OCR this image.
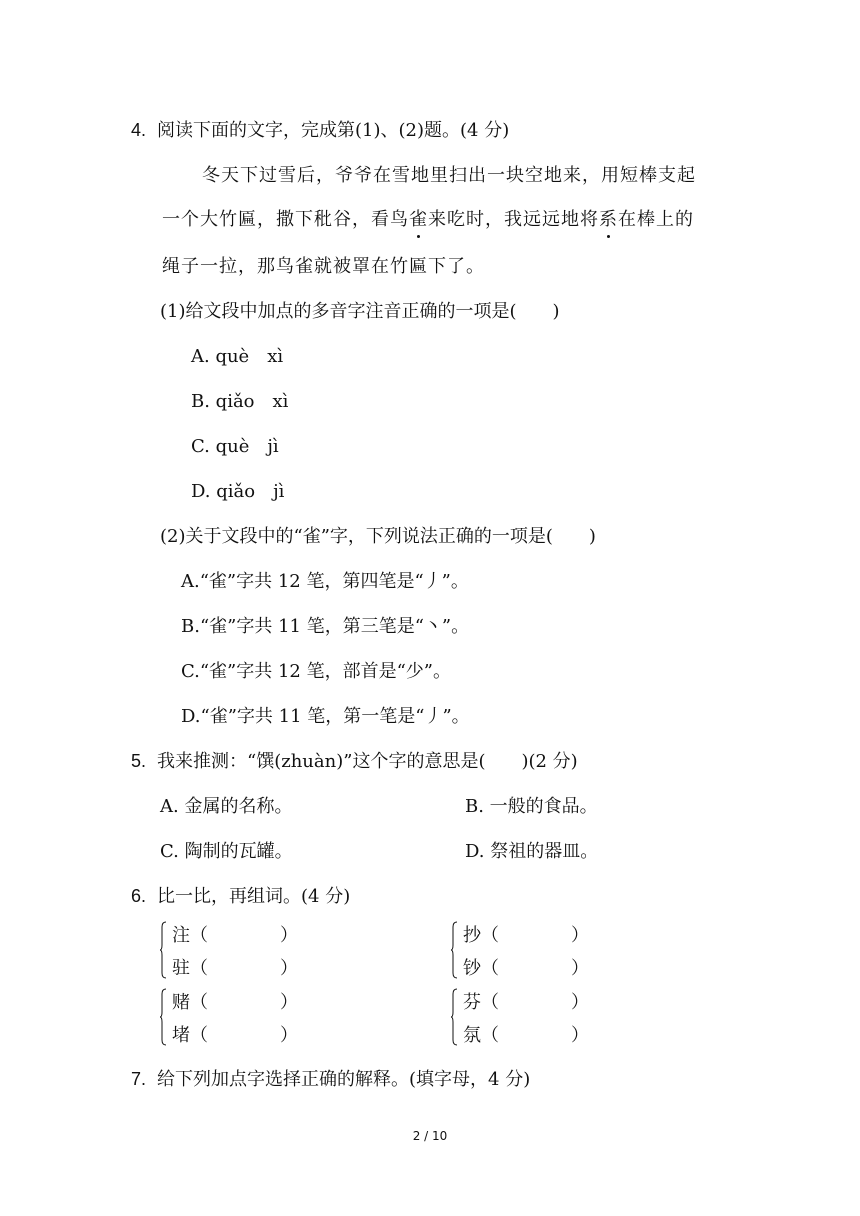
4. 阅读下面的文字，完成第(1)、(2)题。(4 分)
冬天下过雪后，爷爷在雪地里扫出一块空地来，用短棒支起
一个大竹匾，撒下秕谷，看鸟雀来吃时，我远远地将系在棒上的
绳子一拉，那鸟雀就被罩在竹匾下了。
(1)给文段中加点的多音字注音正确的一项是(　　)
A. què　xì
B. qiǎo　xì
C. què　jì
D. qiǎo　jì
(2)关于文段中的“雀”字，下列说法正确的一项是(　　)
A.“雀”字共 12 笔，第四笔是“丿”。
B.“雀”字共 11 笔，第三笔是“丶”。
C.“雀”字共 12 笔，部首是“少”。
D.“雀”字共 11 笔，第一笔是“丿”。
5. 我来推测：“馔(zhuàn)”这个字的意思是(　　)(2 分)
A. 金属的名称。	B. 一般的食品。
C. 陶制的瓦罐。	D. 祭祖的器皿。
6. 比一比，再组词。(4 分)
注（　　　　）
驻（　　　　）
抄（　　　　）
钞（　　　　）
赌（　　　　）
堵（　　　　）
芬（　　　　）
氛（　　　　）
7. 给下列加点字选择正确的解释。(填字母，4 分)
2 / 10
